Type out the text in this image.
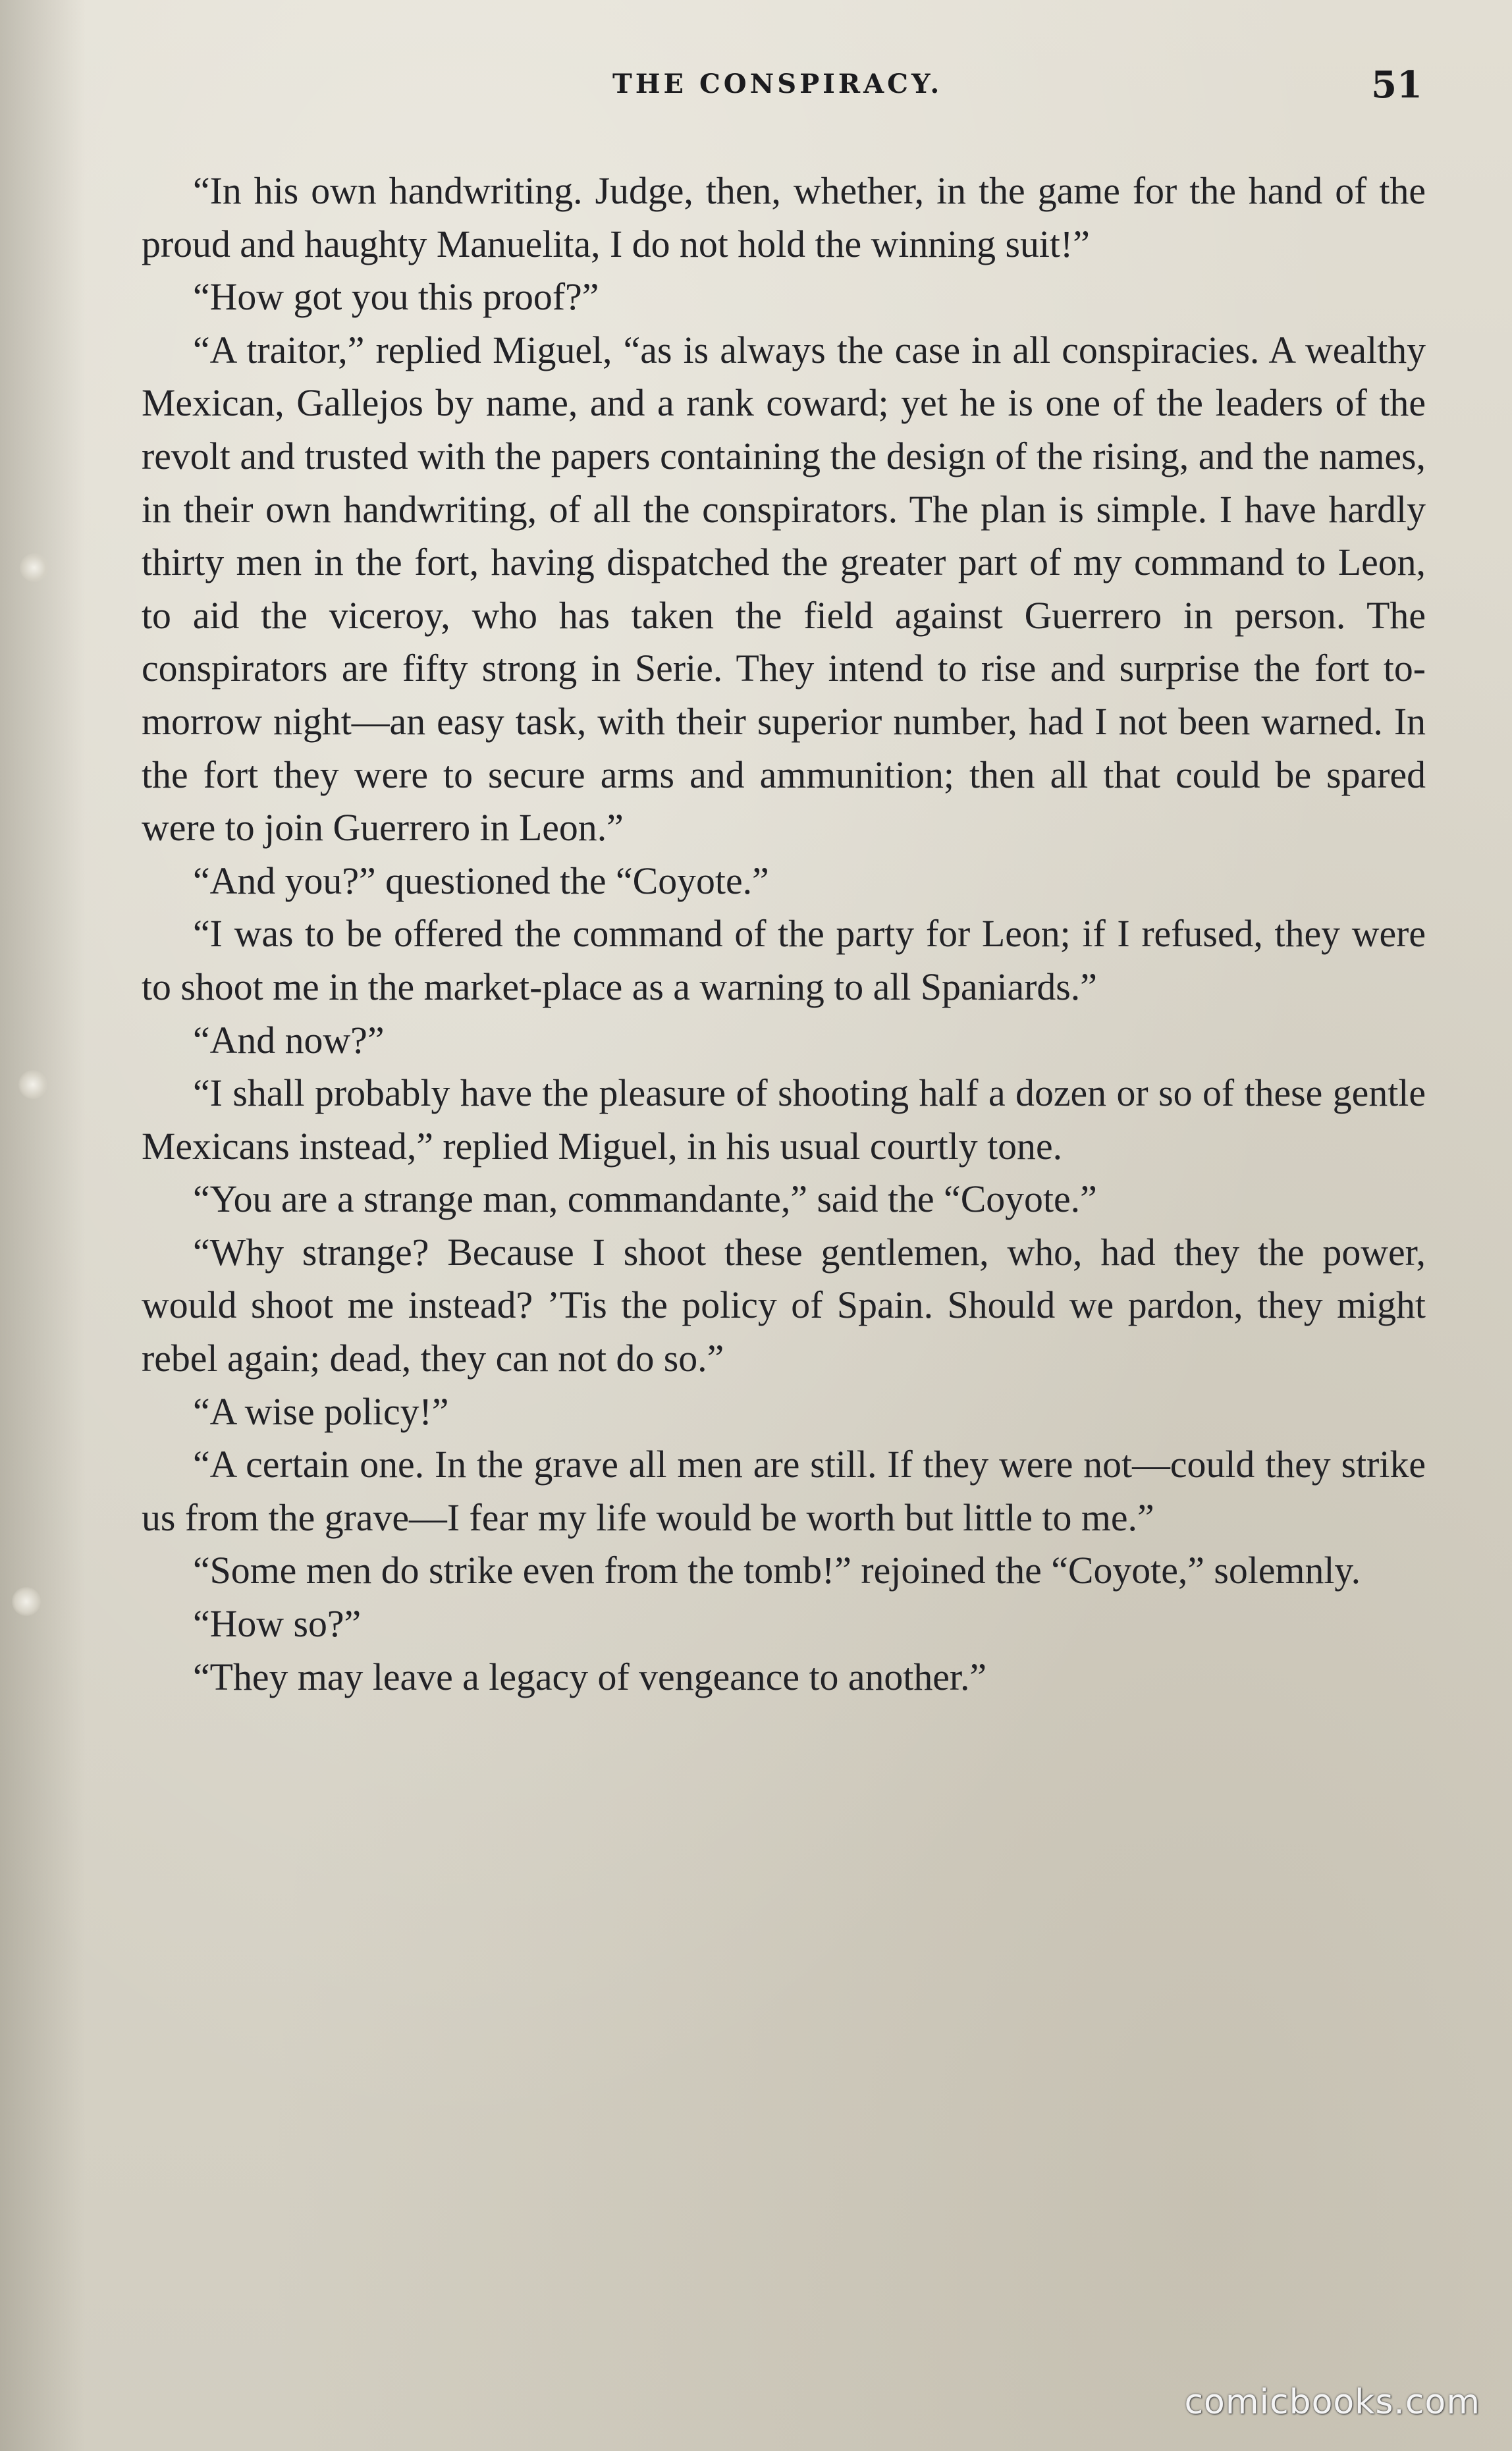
THE CONSPIRACY.	51

“In his own handwriting. Judge, then, whether, in the game for the hand of the proud and haughty Manuelita, I do not hold the winning suit!”

“How got you this proof?”

“A traitor,” replied Miguel, “as is always the case in all conspiracies. A wealthy Mexican, Gallejos by name, and a rank coward; yet he is one of the leaders of the revolt and trusted with the papers containing the design of the rising, and the names, in their own handwriting, of all the conspirators. The plan is simple. I have hardly thirty men in the fort, having dispatched the greater part of my command to Leon, to aid the viceroy, who has taken the field against Guerrero in person. The conspirators are fifty strong in Serie. They intend to rise and surprise the fort to-morrow night—an easy task, with their superior number, had I not been warned. In the fort they were to secure arms and ammunition; then all that could be spared were to join Guerrero in Leon.”

“And you?” questioned the “Coyote.”

“I was to be offered the command of the party for Leon; if I refused, they were to shoot me in the market-place as a warning to all Spaniards.”

“And now?”

“I shall probably have the pleasure of shooting half a dozen or so of these gentle Mexicans instead,” replied Miguel, in his usual courtly tone.

“You are a strange man, commandante,” said the “Coyote.”

“Why strange? Because I shoot these gentlemen, who, had they the power, would shoot me instead? ’Tis the policy of Spain. Should we pardon, they might rebel again; dead, they can not do so.”

“A wise policy!”

“A certain one. In the grave all men are still. If they were not—could they strike us from the grave—I fear my life would be worth but little to me.”

“Some men do strike even from the tomb!” rejoined the “Coyote,” solemnly.

“How so?”

“They may leave a legacy of vengeance to another.”

comicbooks.com
